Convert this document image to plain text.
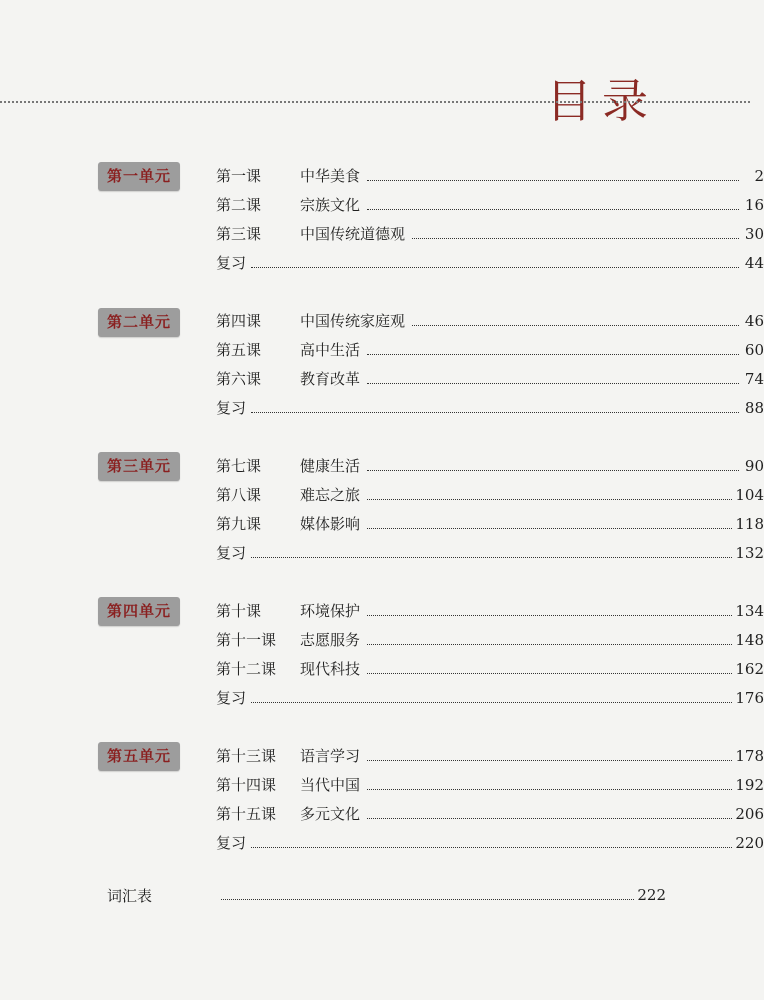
目录
第一单元	第一课	中华美食	2
第二课	宗族文化	16
第三课	中国传统道德观	30
复习	44
第二单元	第四课	中国传统家庭观	46
第五课	高中生活	60
第六课	教育改革	74
复习	88
第三单元	第七课	健康生活	90
第八课	难忘之旅	104
第九课	媒体影响	118
复习	132
第四单元	第十课	环境保护	134
第十一课	志愿服务	148
第十二课	现代科技	162
复习	176
第五单元	第十三课	语言学习	178
第十四课	当代中国	192
第十五课	多元文化	206
复习	220
词汇表	222
